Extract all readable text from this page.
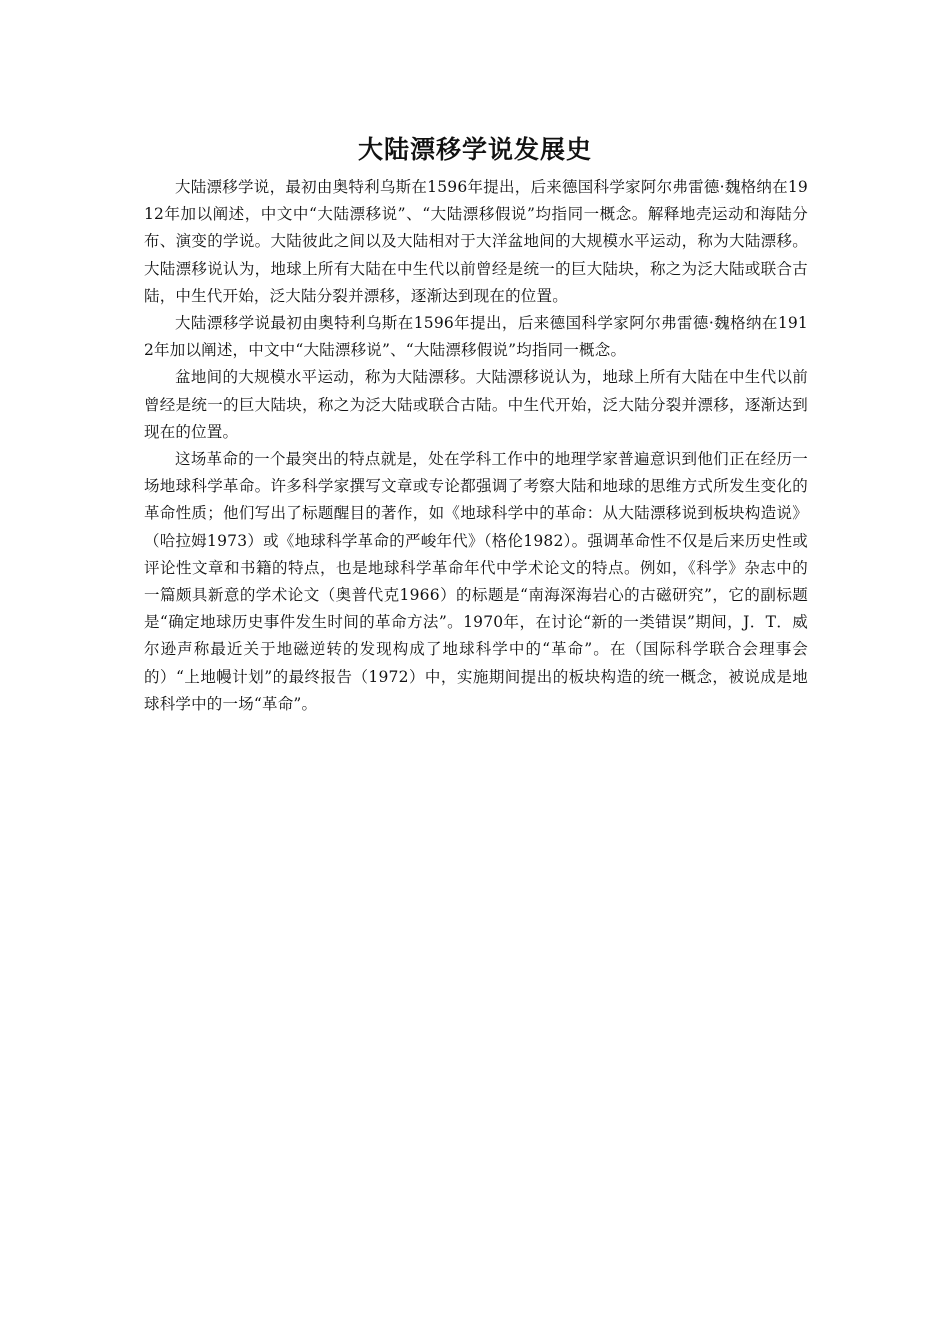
大陆漂移学说发展史

大陆漂移学说，最初由奥特利乌斯在1596年提出，后来德国科学家阿尔弗雷德·魏格纳在1912年加以阐述，中文中“大陆漂移说”、“大陆漂移假说”均指同一概念。解释地壳运动和海陆分布、演变的学说。大陆彼此之间以及大陆相对于大洋盆地间的大规模水平运动，称为大陆漂移。大陆漂移说认为，地球上所有大陆在中生代以前曾经是统一的巨大陆块，称之为泛大陆或联合古陆，中生代开始，泛大陆分裂并漂移，逐渐达到现在的位置。

大陆漂移学说最初由奥特利乌斯在1596年提出，后来德国科学家阿尔弗雷德·魏格纳在1912年加以阐述，中文中“大陆漂移说”、“大陆漂移假说”均指同一概念。

盆地间的大规模水平运动，称为大陆漂移。大陆漂移说认为，地球上所有大陆在中生代以前曾经是统一的巨大陆块，称之为泛大陆或联合古陆。中生代开始，泛大陆分裂并漂移，逐渐达到现在的位置。

这场革命的一个最突出的特点就是，处在学科工作中的地理学家普遍意识到他们正在经历一场地球科学革命。许多科学家撰写文章或专论都强调了考察大陆和地球的思维方式所发生变化的革命性质；他们写出了标题醒目的著作，如《地球科学中的革命：从大陆漂移说到板块构造说》（哈拉姆1973）或《地球科学革命的严峻年代》（格伦1982）。强调革命性不仅是后来历史性或评论性文章和书籍的特点，也是地球科学革命年代中学术论文的特点。例如，《科学》杂志中的一篇颇具新意的学术论文（奥普代克1966）的标题是“南海深海岩心的古磁研究”，它的副标题是“确定地球历史事件发生时间的革命方法”。1970年，在讨论“新的一类错误”期间，J．T．威尔逊声称最近关于地磁逆转的发现构成了地球科学中的“革命”。在（国际科学联合会理事会的）“上地幔计划”的最终报告（1972）中，实施期间提出的板块构造的统一概念，被说成是地球科学中的一场“革命”。
